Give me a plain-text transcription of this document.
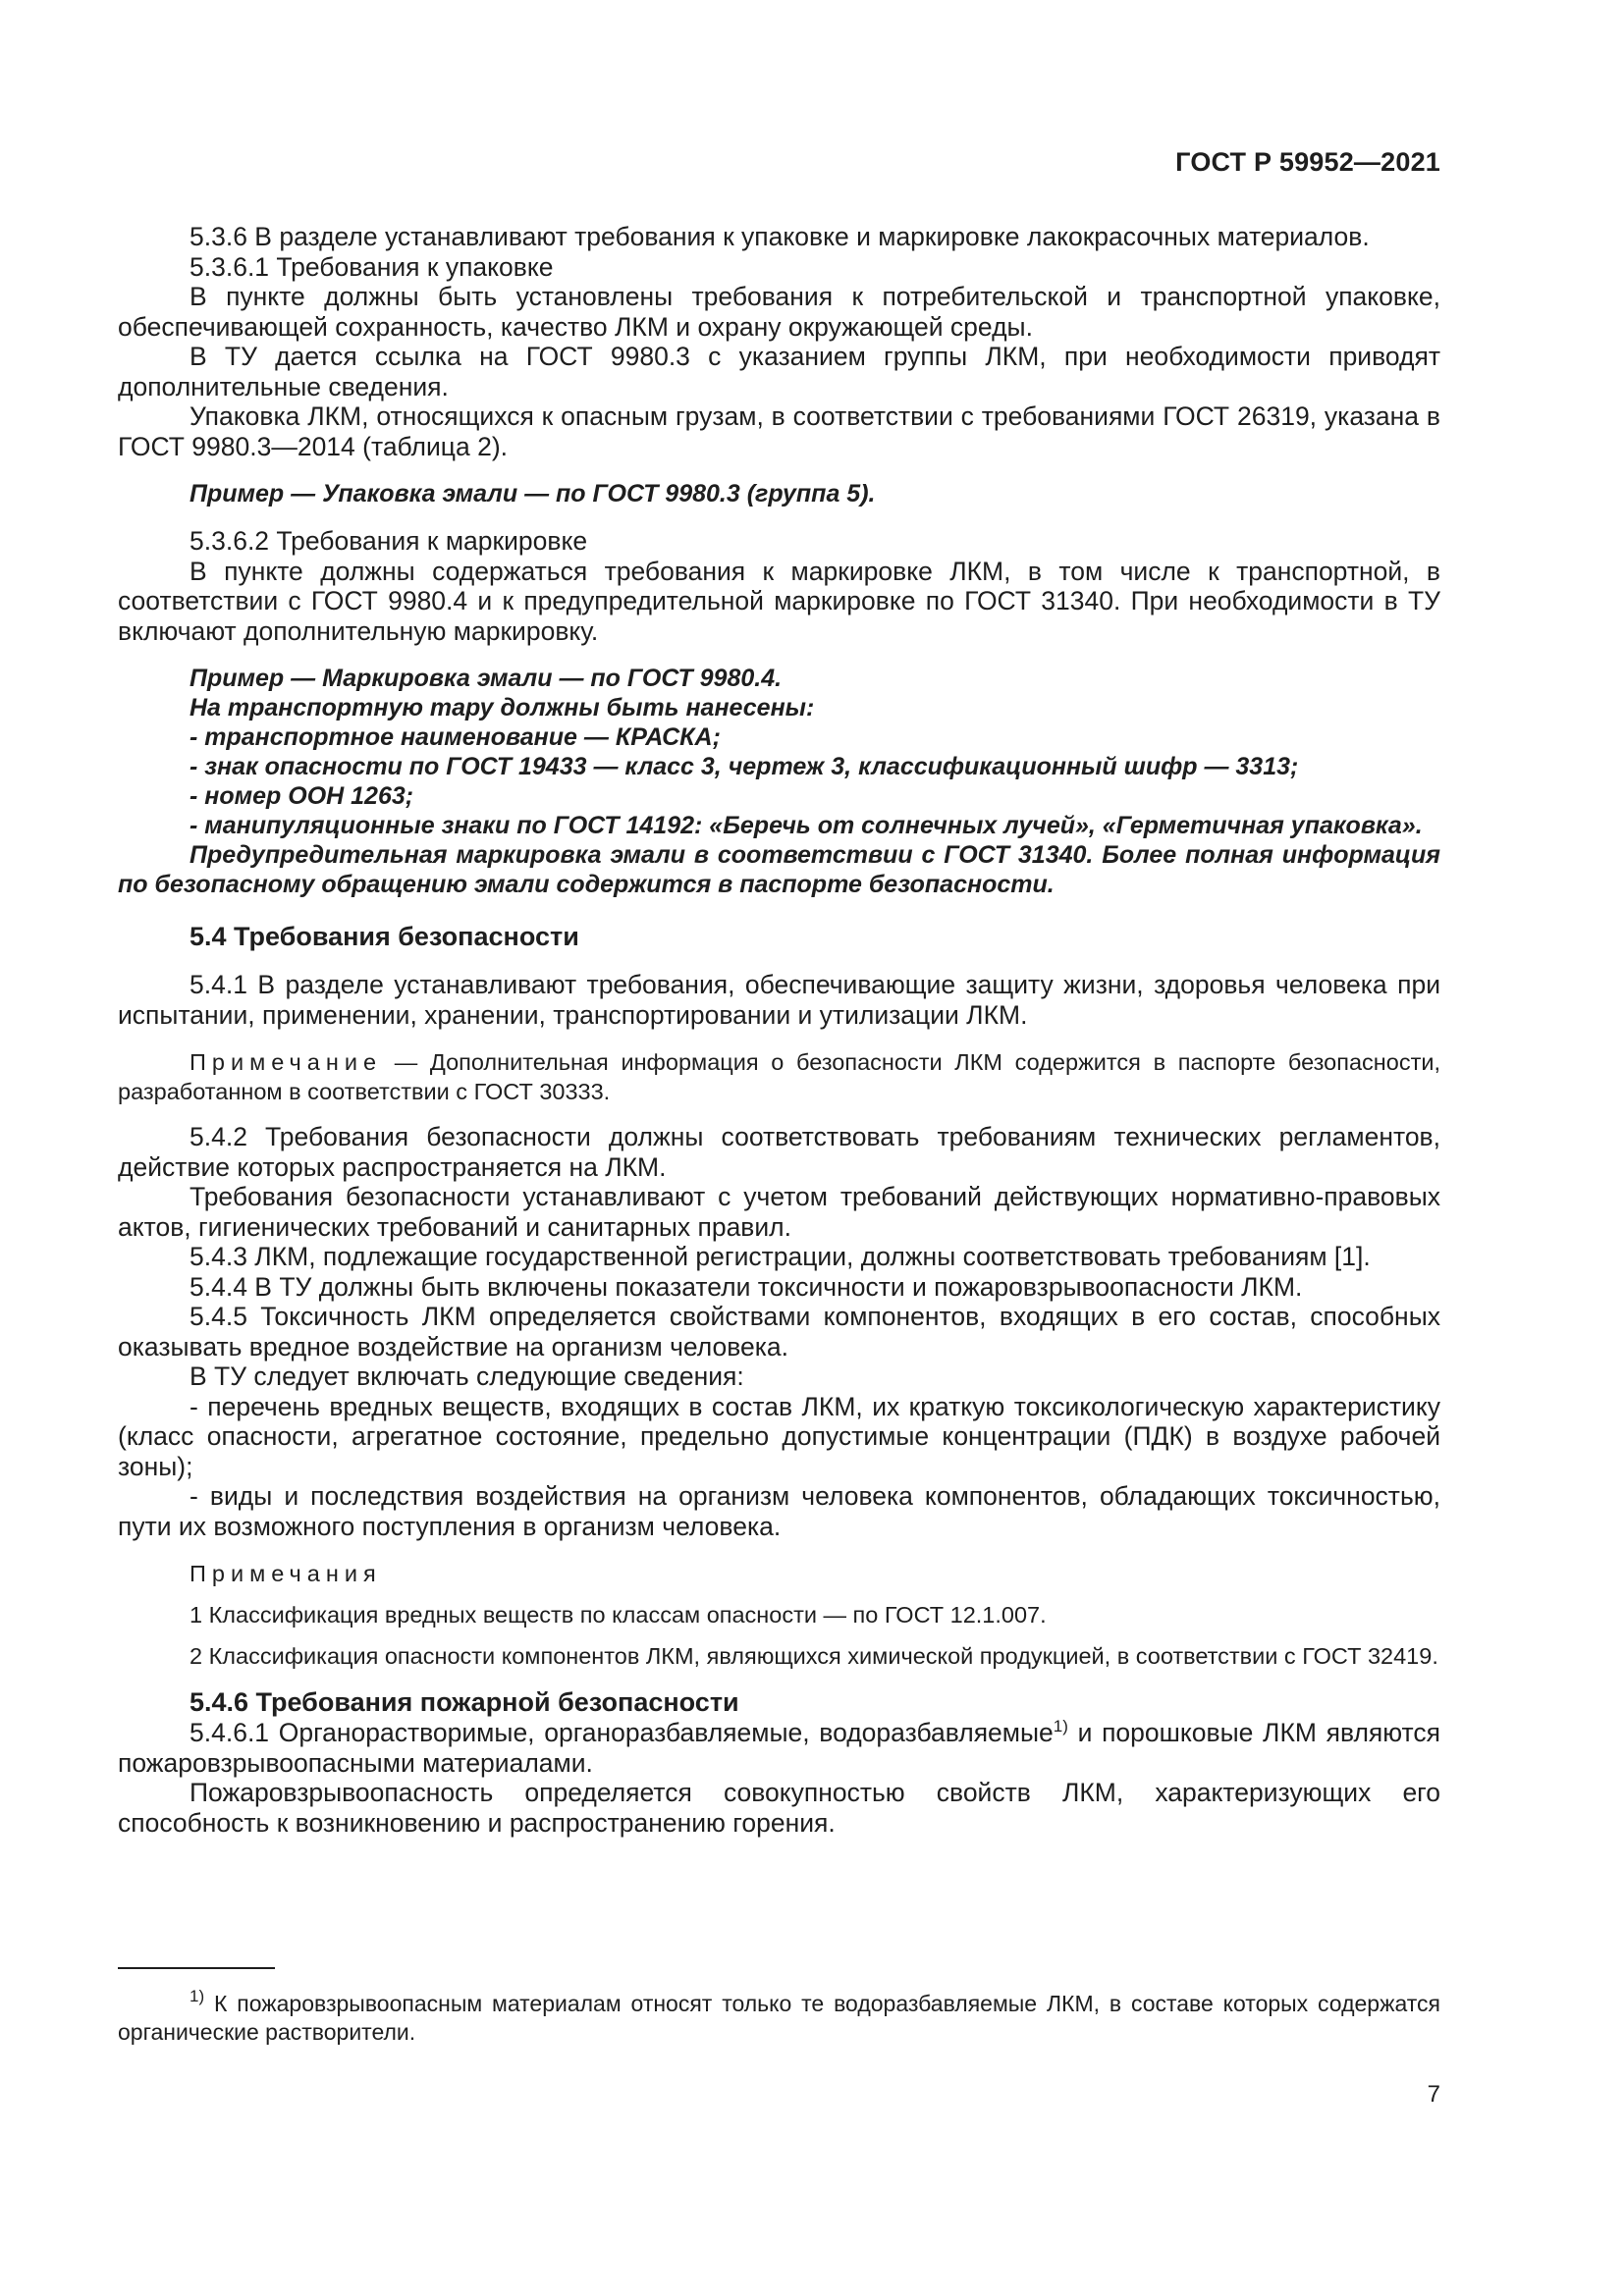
ГОСТ Р 59952—2021

5.3.6 В разделе устанавливают требования к упаковке и маркировке лакокрасочных материалов.

5.3.6.1 Требования к упаковке

В пункте должны быть установлены требования к потребительской и транспортной упаковке, обеспечивающей сохранность, качество ЛКМ и охрану окружающей среды.

В ТУ дается ссылка на ГОСТ 9980.3 с указанием группы ЛКМ, при необходимости приводят дополнительные сведения.

Упаковка ЛКМ, относящихся к опасным грузам, в соответствии с требованиями ГОСТ 26319, указана в ГОСТ 9980.3—2014 (таблица 2).

Пример — Упаковка эмали — по ГОСТ 9980.3 (группа 5).

5.3.6.2 Требования к маркировке

В пункте должны содержаться требования к маркировке ЛКМ, в том числе к транспортной, в соответствии с ГОСТ 9980.4 и к предупредительной маркировке по ГОСТ 31340. При необходимости в ТУ включают дополнительную маркировку.

Пример — Маркировка эмали — по ГОСТ 9980.4.

На транспортную тару должны быть нанесены:

- транспортное наименование — КРАСКА;

- знак опасности по ГОСТ 19433 — класс 3, чертеж 3, классификационный шифр — 3313;

- номер ООН 1263;

- манипуляционные знаки по ГОСТ 14192: «Беречь от солнечных лучей», «Герметичная упаковка».

Предупредительная маркировка эмали в соответствии с ГОСТ 31340. Более полная информация по безопасному обращению эмали содержится в паспорте безопасности.

5.4 Требования безопасности

5.4.1 В разделе устанавливают требования, обеспечивающие защиту жизни, здоровья человека при испытании, применении, хранении, транспортировании и утилизации ЛКМ.

Примечание — Дополнительная информация о безопасности ЛКМ содержится в паспорте безопасности, разработанном в соответствии с ГОСТ 30333.

5.4.2 Требования безопасности должны соответствовать требованиям технических регламентов, действие которых распространяется на ЛКМ.

Требования безопасности устанавливают с учетом требований действующих нормативно-правовых актов, гигиенических требований и санитарных правил.

5.4.3 ЛКМ, подлежащие государственной регистрации, должны соответствовать требованиям [1].

5.4.4 В ТУ должны быть включены показатели токсичности и пожаровзрывоопасности ЛКМ.

5.4.5 Токсичность ЛКМ определяется свойствами компонентов, входящих в его состав, способных оказывать вредное воздействие на организм человека.

В ТУ следует включать следующие сведения:

- перечень вредных веществ, входящих в состав ЛКМ, их краткую токсикологическую характеристику (класс опасности, агрегатное состояние, предельно допустимые концентрации (ПДК) в воздухе рабочей зоны);

- виды и последствия воздействия на организм человека компонентов, обладающих токсичностью, пути их возможного поступления в организм человека.

Примечания

1 Классификация вредных веществ по классам опасности — по ГОСТ 12.1.007.

2 Классификация опасности компонентов ЛКМ, являющихся химической продукцией, в соответствии с ГОСТ 32419.

5.4.6 Требования пожарной безопасности

5.4.6.1 Органорастворимые, органоразбавляемые, водоразбавляемые$^{1)}$ и порошковые ЛКМ являются пожаровзрывоопасными материалами.

Пожаровзрывоопасность определяется совокупностью свойств ЛКМ, характеризующих его способность к возникновению и распространению горения.

$^{1)}$ К пожаровзрывоопасным материалам относят только те водоразбавляемые ЛКМ, в составе которых содержатся органические растворители.

7
